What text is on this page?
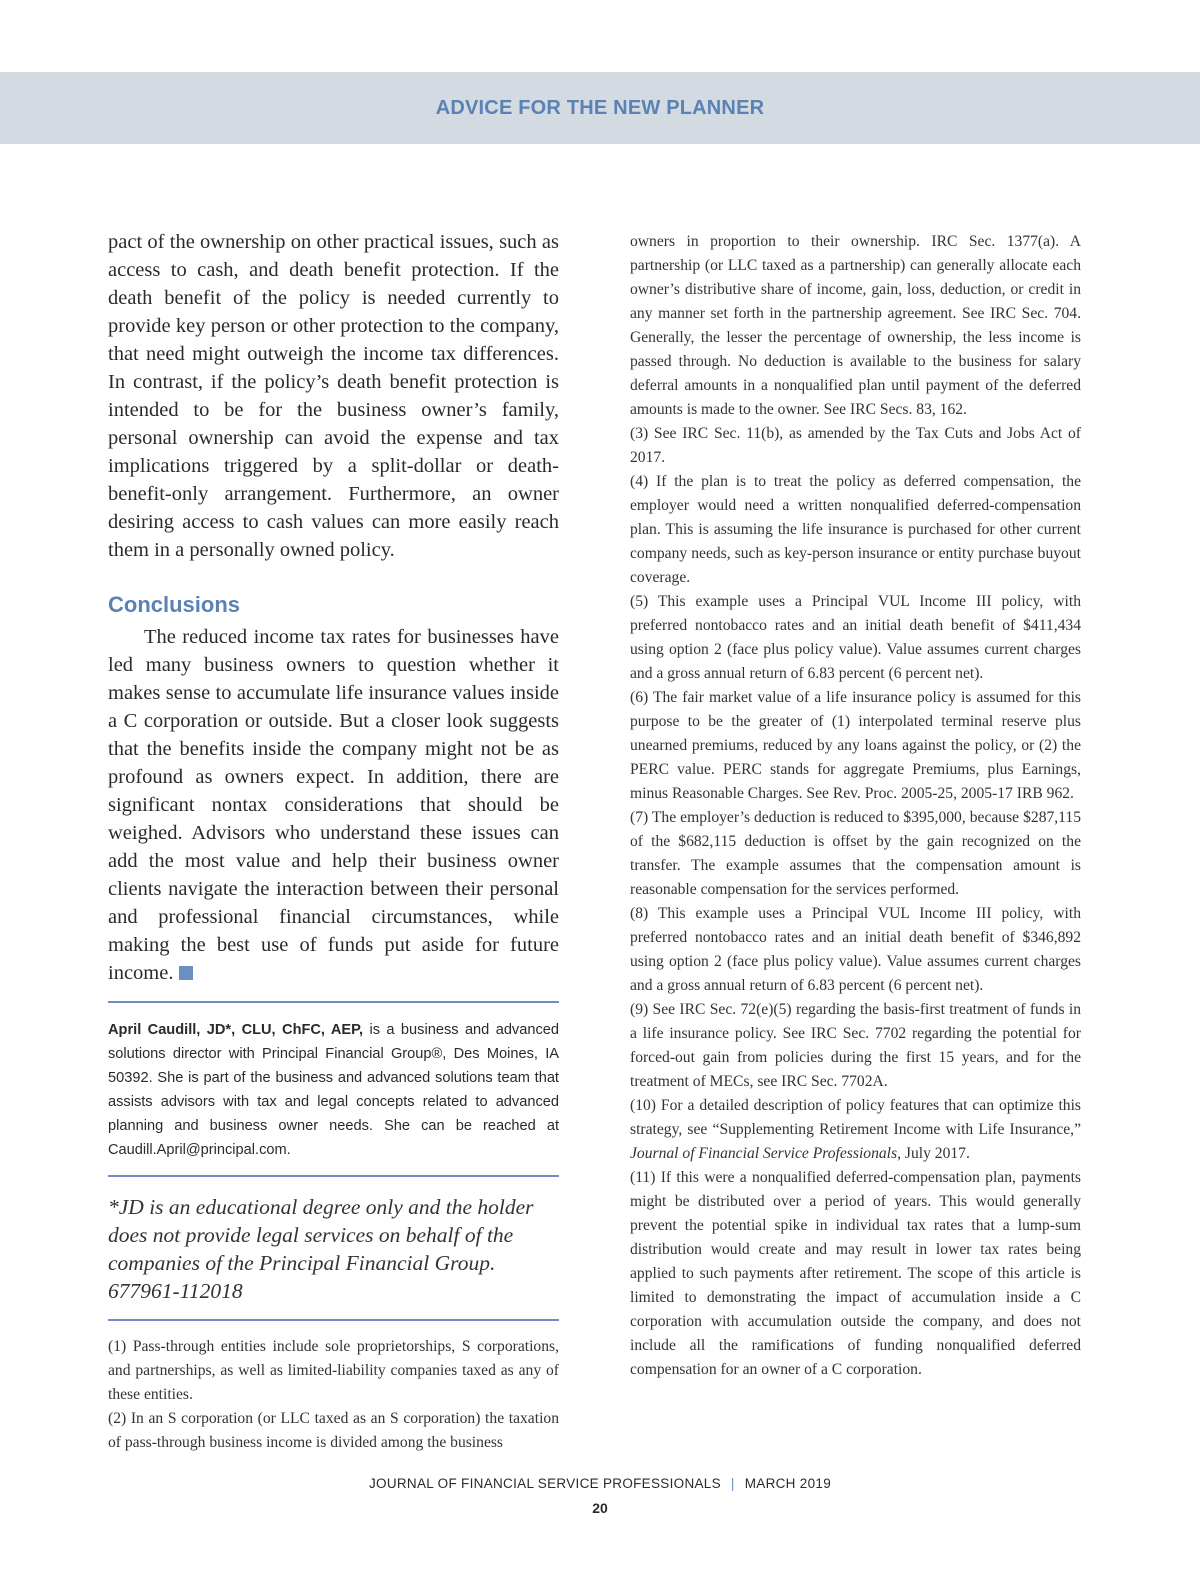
ADVICE FOR THE NEW PLANNER

pact of the ownership on other practical issues, such as access to cash, and death benefit protection. If the death benefit of the policy is needed currently to provide key person or other protection to the company, that need might outweigh the income tax differences. In contrast, if the policy’s death benefit protection is intended to be for the business owner’s family, personal ownership can avoid the expense and tax implications triggered by a split-dollar or death-benefit-only arrangement. Furthermore, an owner desiring access to cash values can more easily reach them in a personally owned policy.

Conclusions

The reduced income tax rates for businesses have led many business owners to question whether it makes sense to accumulate life insurance values inside a C corporation or outside. But a closer look suggests that the benefits inside the company might not be as profound as owners expect. In addition, there are significant nontax considerations that should be weighed. Advisors who understand these issues can add the most value and help their business owner clients navigate the interaction between their personal and professional financial circumstances, while making the best use of funds put aside for future income.

April Caudill, JD*, CLU, ChFC, AEP, is a business and advanced solutions director with Principal Financial Group®, Des Moines, IA 50392. She is part of the business and advanced solutions team that assists advisors with tax and legal concepts related to advanced planning and business owner needs. She can be reached at Caudill.April@principal.com.

*JD is an educational degree only and the holder does not provide legal services on behalf of the companies of the Principal Financial Group. 677961-112018

(1) Pass-through entities include sole proprietorships, S corporations, and partnerships, as well as limited-liability companies taxed as any of these entities.

(2) In an S corporation (or LLC taxed as an S corporation) the taxation of pass-through business income is divided among the business

owners in proportion to their ownership. IRC Sec. 1377(a). A partnership (or LLC taxed as a partnership) can generally allocate each owner’s distributive share of income, gain, loss, deduction, or credit in any manner set forth in the partnership agreement. See IRC Sec. 704. Generally, the lesser the percentage of ownership, the less income is passed through. No deduction is available to the business for salary deferral amounts in a nonqualified plan until payment of the deferred amounts is made to the owner. See IRC Secs. 83, 162.

(3) See IRC Sec. 11(b), as amended by the Tax Cuts and Jobs Act of 2017.

(4) If the plan is to treat the policy as deferred compensation, the employer would need a written nonqualified deferred-compensation plan. This is assuming the life insurance is purchased for other current company needs, such as key-person insurance or entity purchase buyout coverage.

(5) This example uses a Principal VUL Income III policy, with preferred nontobacco rates and an initial death benefit of $411,434 using option 2 (face plus policy value). Value assumes current charges and a gross annual return of 6.83 percent (6 percent net).

(6) The fair market value of a life insurance policy is assumed for this purpose to be the greater of (1) interpolated terminal reserve plus unearned premiums, reduced by any loans against the policy, or (2) the PERC value. PERC stands for aggregate Premiums, plus Earnings, minus Reasonable Charges. See Rev. Proc. 2005-25, 2005-17 IRB 962.

(7) The employer’s deduction is reduced to $395,000, because $287,115 of the $682,115 deduction is offset by the gain recognized on the transfer. The example assumes that the compensation amount is reasonable compensation for the services performed.

(8) This example uses a Principal VUL Income III policy, with preferred nontobacco rates and an initial death benefit of $346,892 using option 2 (face plus policy value). Value assumes current charges and a gross annual return of 6.83 percent (6 percent net).

(9) See IRC Sec. 72(e)(5) regarding the basis-first treatment of funds in a life insurance policy. See IRC Sec. 7702 regarding the potential for forced-out gain from policies during the first 15 years, and for the treatment of MECs, see IRC Sec. 7702A.

(10) For a detailed description of policy features that can optimize this strategy, see “Supplementing Retirement Income with Life Insurance,” Journal of Financial Service Professionals, July 2017.

(11) If this were a nonqualified deferred-compensation plan, payments might be distributed over a period of years. This would generally prevent the potential spike in individual tax rates that a lump-sum distribution would create and may result in lower tax rates being applied to such payments after retirement. The scope of this article is limited to demonstrating the impact of accumulation inside a C corporation with accumulation outside the company, and does not include all the ramifications of funding nonqualified deferred compensation for an owner of a C corporation.

JOURNAL OF FINANCIAL SERVICE PROFESSIONALS | MARCH 2019
20
